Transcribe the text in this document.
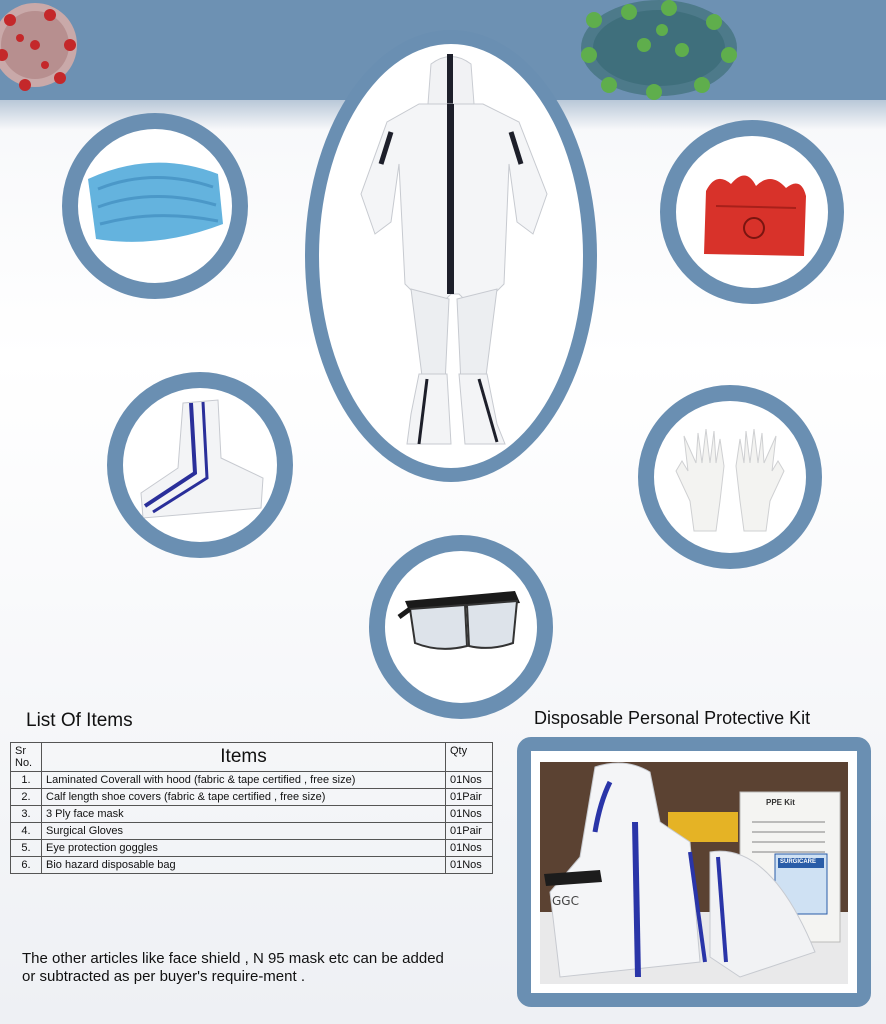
List Of Items	Disposable Personal Protective Kit
Sr No.	Items	Qty
1.	Laminated Coverall with hood (fabric & tape certified , free size)	01Nos
2.	Calf length shoe covers (fabric & tape certified , free size)	01Pair
3.	3 Ply face mask	01Nos
4.	Surgical Gloves	01Pair
5.	Eye protection goggles	01Nos
6.	Bio hazard disposable bag	01Nos
The other articles like face shield , N 95 mask etc can be added or subtracted as per buyer's require-ment .
GGC
PPE Kit
SURGICARE
